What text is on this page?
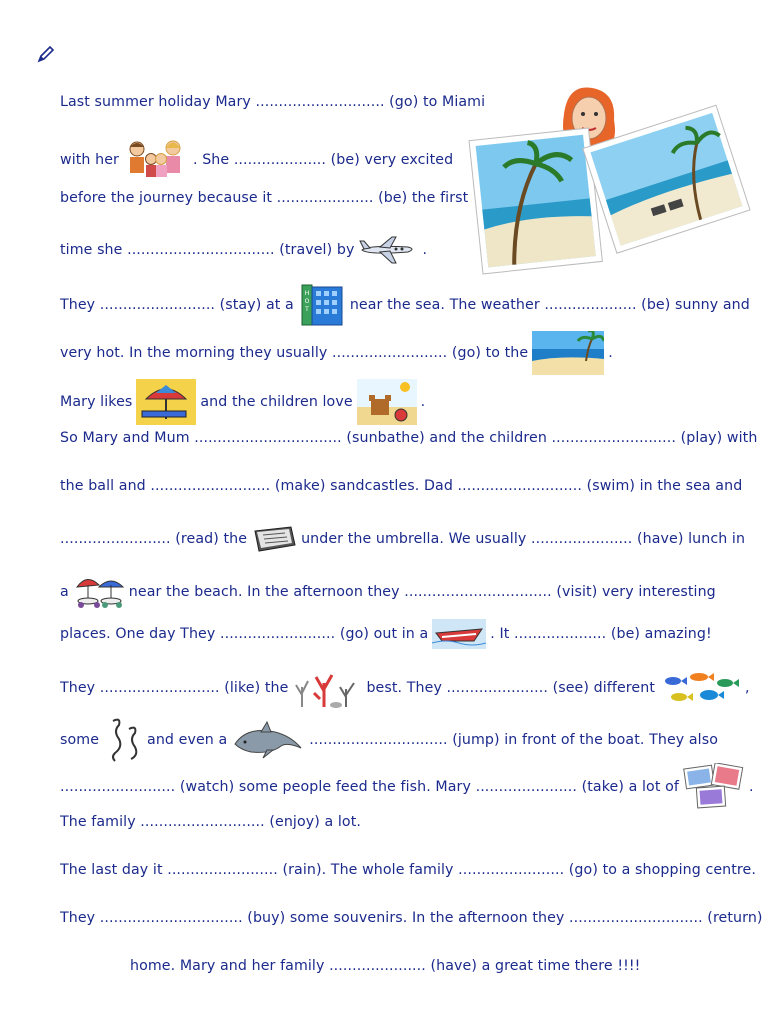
Last summer holiday Mary ............................ (go) to Miami
with her	. She .................... (be) very excited
before the journey because it ..................... (be) the first
time she ................................ (travel) by	.
They ......................... (stay) at a
H
O
T	near the sea. The weather .................... (be) sunny and
very hot. In the morning they usually ......................... (go) to the	.
Mary likes	and the children love	.
So Mary and Mum ................................ (sunbathe) and the children ........................... (play) with
the ball and .......................... (make) sandcastles. Dad ........................... (swim) in the sea and
........................ (read) the	under the umbrella. We usually ...................... (have) lunch in
a	near the beach. In the afternoon they ................................ (visit) very interesting
places. One day They ......................... (go) out in a	. It .................... (be) amazing!
They .......................... (like) the	best. They ...................... (see) different	,
some	and even a	.............................. (jump) in front of the boat. They also
......................... (watch) some people feed the fish. Mary ...................... (take) a lot of	.
The family ........................... (enjoy) a lot.
The last day it ........................ (rain). The whole family ....................... (go) to a shopping centre.
They ............................... (buy) some souvenirs. In the afternoon they ............................. (return)
home. Mary and her family ..................... (have) a great time there !!!!
